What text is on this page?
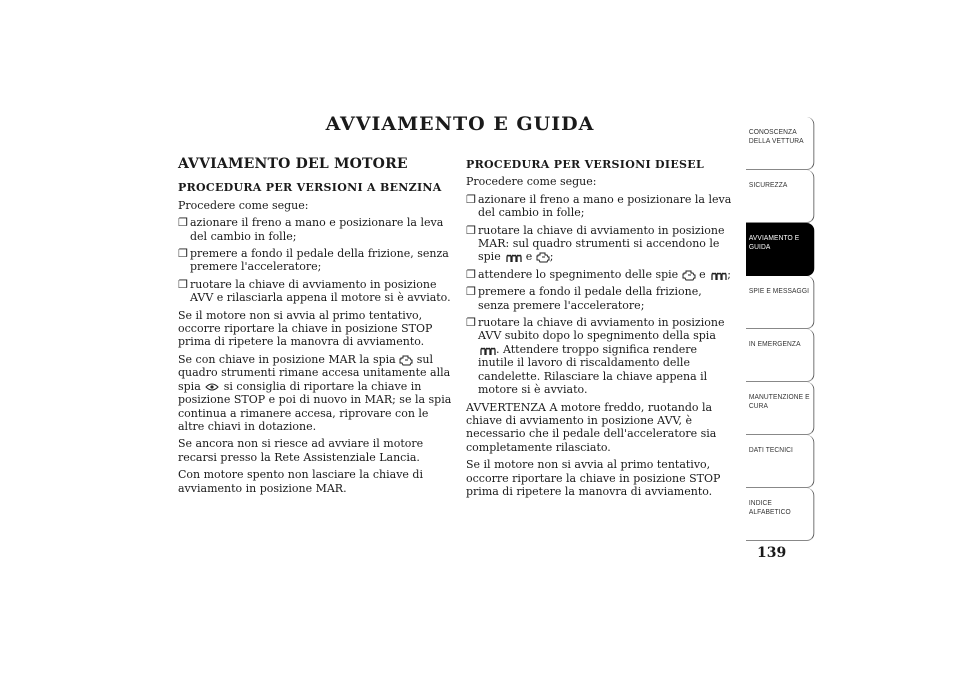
AVVIAMENTO E GUIDA
AVVIAMENTO DEL MOTORE
PROCEDURA PER VERSIONI A BENZINA

Procedere come segue:

❐ azionare il freno a mano e posizionare la leva del cambio in folle;
❐ premere a fondo il pedale della frizione, senza premere l'acceleratore;
❐ ruotare la chiave di avviamento in posizione AVV e rilasciarla appena il motore si è avviato.

Se il motore non si avvia al primo tentativo, occorre riportare la chiave in posizione STOP prima di ripetere la manovra di avviamento.

Se con chiave in posizione MAR la spia sul quadro strumenti rimane accesa unitamente alla spia si consiglia di riportare la chiave in posizione STOP e poi di nuovo in MAR; se la spia continua a rimanere accesa, riprovare con le altre chiavi in dotazione.

Se ancora non si riesce ad avviare il motore recarsi presso la Rete Assistenziale Lancia.

Con motore spento non lasciare la chiave di avviamento in posizione MAR.

PROCEDURA PER VERSIONI DIESEL

Procedere come segue:

❐ azionare il freno a mano e posizionare la leva del cambio in folle;
❐ ruotare la chiave di avviamento in posizione MAR: sul quadro strumenti si accendono le spie e ;
❐ attendere lo spegnimento delle spie e ;
❐ premere a fondo il pedale della frizione, senza premere l'acceleratore;
❐ ruotare la chiave di avviamento in posizione AVV subito dopo lo spegnimento della spia
. Attendere troppo significa rendere inutile il lavoro di riscaldamento delle candelette. Rilasciare la chiave appena il motore si è avviato.

AVVERTENZA A motore freddo, ruotando la chiave di avviamento in posizione AVV, è necessario che il pedale dell'acceleratore sia completamente rilasciato.

Se il motore non si avvia al primo tentativo, occorre riportare la chiave in posizione STOP prima di ripetere la manovra di avviamento.

CONOSCENZA DELLA VETTURA
SICUREZZA
AVVIAMENTO E GUIDA
SPIE E MESSAGGI
IN EMERGENZA
MANUTENZIONE E CURA
DATI TECNICI
INDICE ALFABETICO
139
